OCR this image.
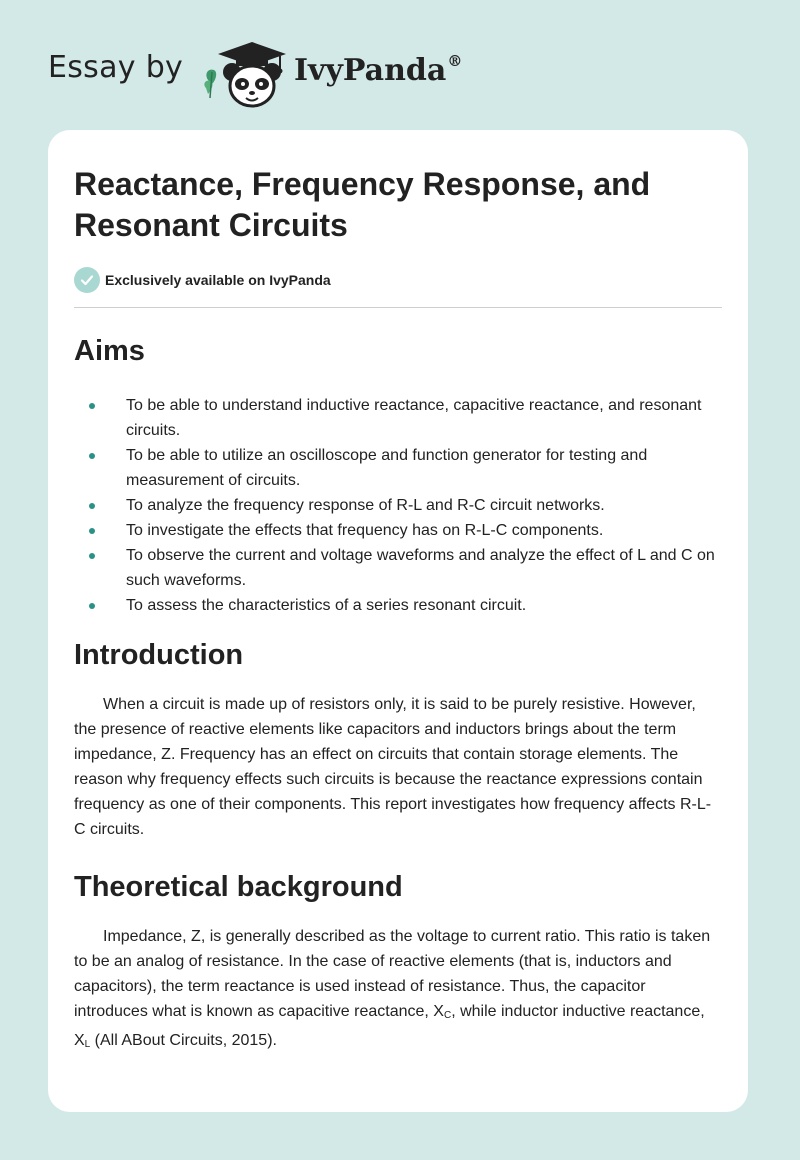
Essay by	IvyPanda®
Reactance, Frequency Response, and Resonant Circuits
Exclusively available on IvyPanda
Aims
To be able to understand inductive reactance, capacitive reactance, and resonant circuits.
To be able to utilize an oscilloscope and function generator for testing and measurement of circuits.
To analyze the frequency response of R-L and R-C circuit networks.
To investigate the effects that frequency has on R-L-C components.
To observe the current and voltage waveforms and analyze the effect of L and C on such waveforms.
To assess the characteristics of a series resonant circuit.
Introduction

When a circuit is made up of resistors only, it is said to be purely resistive. However, the presence of reactive elements like capacitors and inductors brings about the term impedance, Z. Frequency has an effect on circuits that contain storage elements. The reason why frequency effects such circuits is because the reactance expressions contain frequency as one of their components. This report investigates how frequency affects R-L-C circuits.

Theoretical background

Impedance, Z, is generally described as the voltage to current ratio. This ratio is taken to be an analog of resistance. In the case of reactive elements (that is, inductors and capacitors), the term reactance is used instead of resistance. Thus, the capacitor introduces what is known as capacitive reactance, $X_C$, while inductor inductive reactance, $X_L$ (All ABout Circuits, 2015).
